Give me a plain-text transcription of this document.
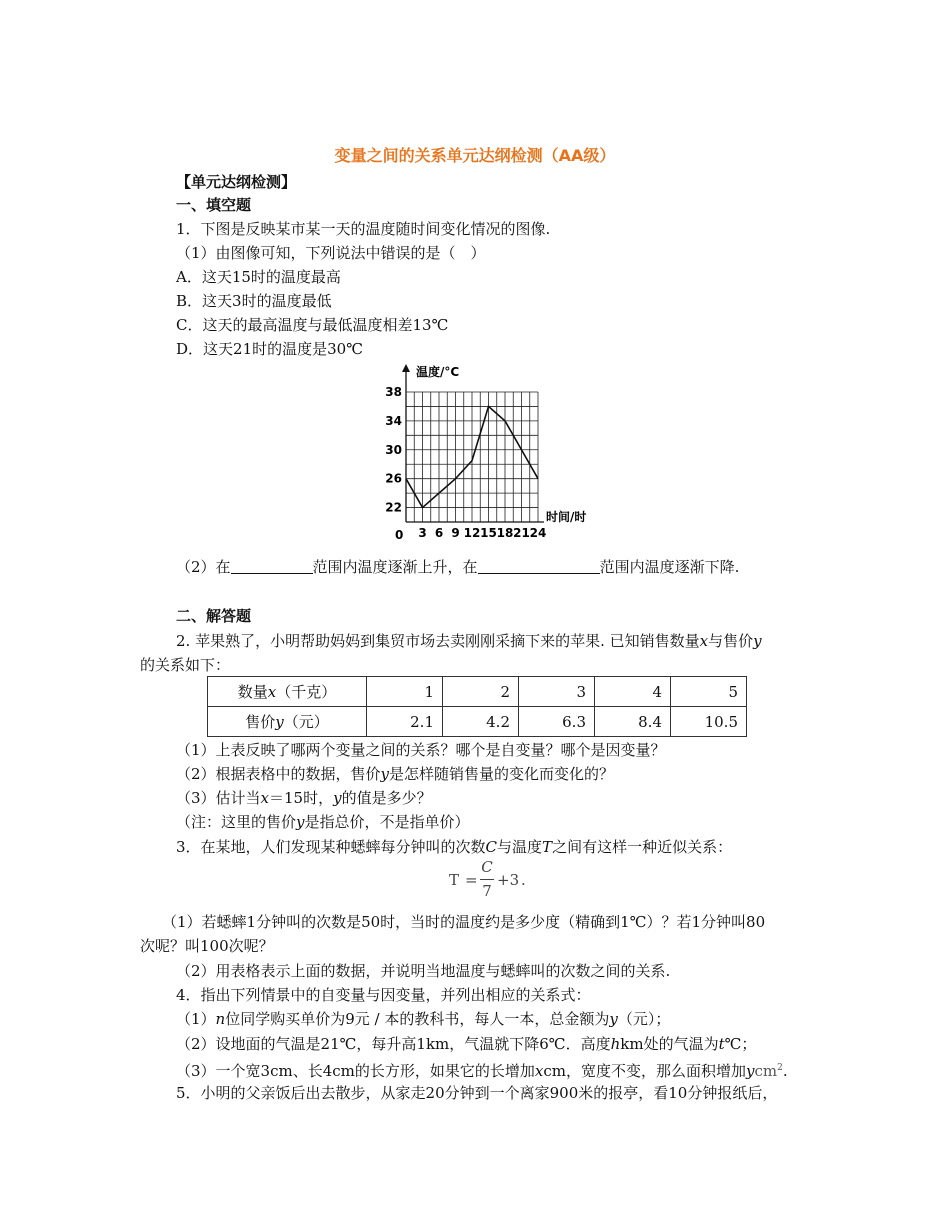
变量之间的关系单元达纲检测（AA级）
【单元达纲检测】
一、填空题
1．下图是反映某市某一天的温度随时间变化情况的图像.
（1）由图像可知，下列说法中错误的是（　）
A．这天15时的温度最高
B．这天3时的温度最低
C．这天的最高温度与最低温度相差13℃
D．这天21时的温度是30℃
3 6 9 12 15 18 21 24
22
26
30
34
38
温度/°C
时间/时
0
（2）在	范围内温度逐渐上升，在	范围内温度逐渐下降.
二、解答题
2. 苹果熟了，小明帮助妈妈到集贸市场去卖刚刚采摘下来的苹果. 已知销售数量x与售价y
的关系如下：
数量x（千克）	1	2	3	4	5
售价y（元）	2.1	4.2	6.3	8.4	10.5
（1）上表反映了哪两个变量之间的关系？哪个是自变量？哪个是因变量？
（2）根据表格中的数据，售价y是怎样随销售量的变化而变化的？
（3）估计当x＝15时，y的值是多少？
（注：这里的售价y是指总价，不是指单价）
3．在某地，人们发现某种蟋蟀每分钟叫的次数C与温度T之间有这样一种近似关系：
T =
C
7
+3 .
（1）若蟋蟀1分钟叫的次数是50时，当时的温度约是多少度（精确到1℃）？若1分钟叫80
次呢？叫100次呢？
（2）用表格表示上面的数据，并说明当地温度与蟋蟀叫的次数之间的关系.
4．指出下列情景中的自变量与因变量，并列出相应的关系式：
（1）n位同学购买单价为9元 / 本的教科书，每人一本，总金额为y（元）；
（2）设地面的气温是21℃，每升高1km，气温就下降6℃．高度hkm处的气温为t℃；
（3）一个宽3cm、长4cm的长方形，如果它的长增加xcm，宽度不变，那么面积增加ycm$^2$.
5．小明的父亲饭后出去散步，从家走20分钟到一个离家900米的报亭，看10分钟报纸后，
